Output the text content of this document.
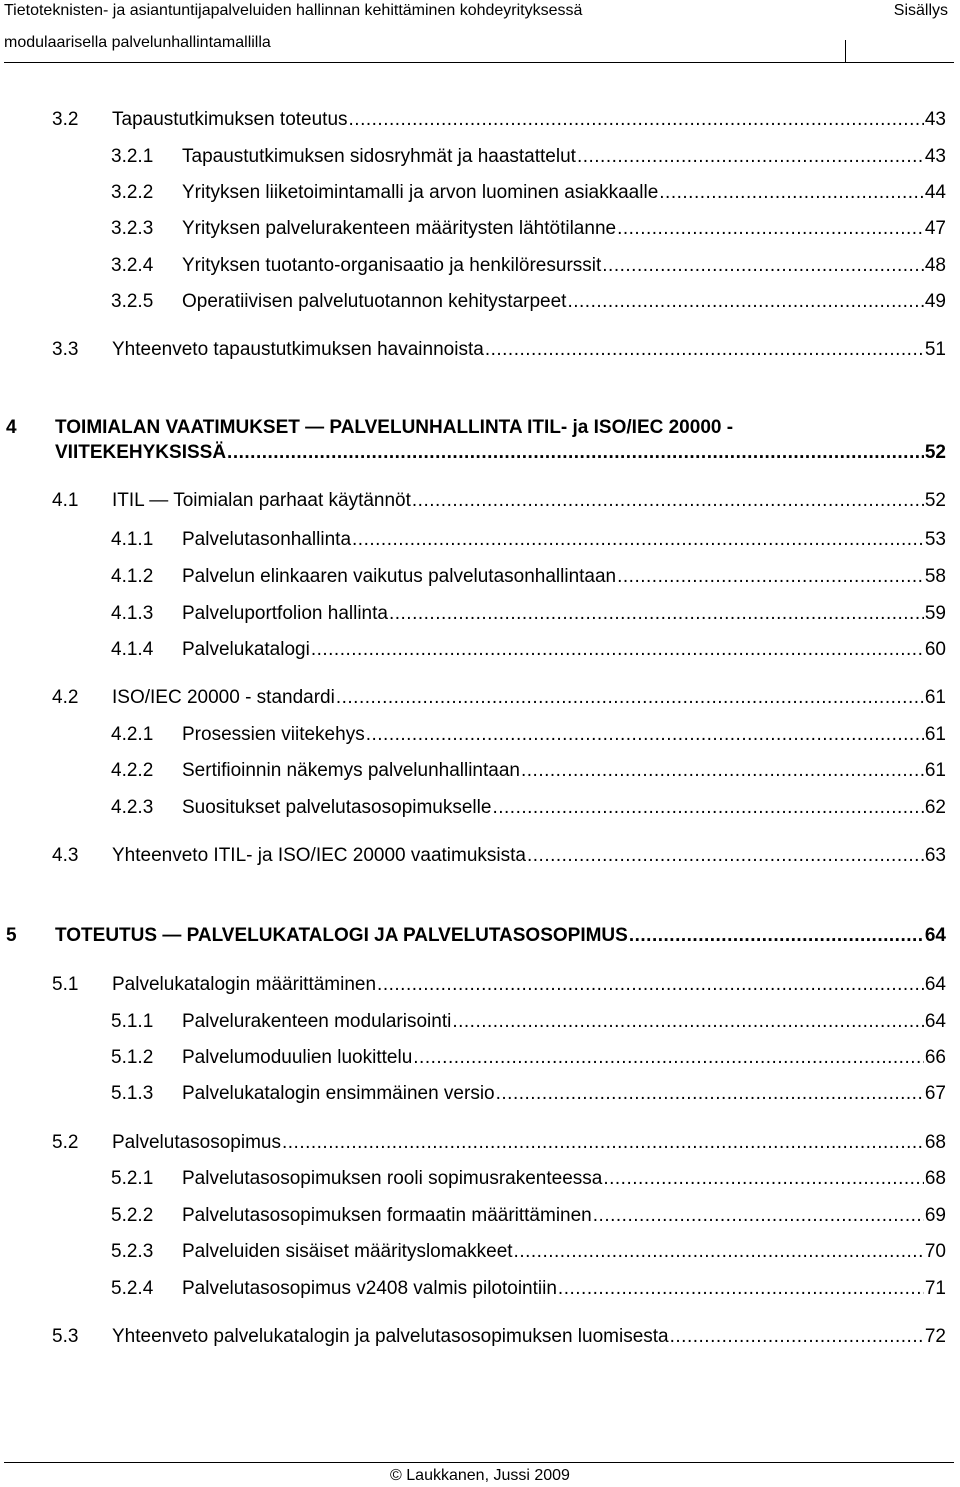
Tietoteknisten- ja asiantuntijapalveluiden hallinnan kehittäminen kohdeyrityksessä
modulaarisella palvelunhallintamallilla
Sisällys
3.2	Tapaustutkimuksen toteutus .....	43
3.2.1	Tapaustutkimuksen sidosryhmät ja haastattelut .....	43
3.2.2	Yrityksen liiketoimintamalli ja arvon luominen asiakkaalle .....	44
3.2.3	Yrityksen palvelurakenteen määritysten lähtötilanne .....	47
3.2.4	Yrityksen tuotanto-organisaatio ja henkilöresurssit .....	48
3.2.5	Operatiivisen palvelutuotannon kehitystarpeet .....	49
3.3	Yhteenveto tapaustutkimuksen havainnoista .....	51
4 TOIMIALAN VAATIMUKSET — PALVELUNHALLINTA ITIL- ja ISO/IEC 20000 -
VIITEKEHYKSISSÄ .....	52
4.1	ITIL — Toimialan parhaat käytännöt .....	52
4.1.1	Palvelutasonhallinta .....	53
4.1.2	Palvelun elinkaaren vaikutus palvelutasonhallintaan .....	58
4.1.3	Palveluportfolion hallinta .....	59
4.1.4	Palvelukatalogi .....	60
4.2	ISO/IEC 20000 - standardi .....	61
4.2.1	Prosessien viitekehys .....	61
4.2.2	Sertifioinnin näkemys palvelunhallintaan .....	61
4.2.3	Suositukset palvelutasosopimukselle .....	62
4.3	Yhteenveto ITIL- ja ISO/IEC 20000 vaatimuksista .....	63
5	TOTEUTUS — PALVELUKATALOGI JA PALVELUTASOSOPIMUS .....	64
5.1	Palvelukatalogin määrittäminen .....	64
5.1.1	Palvelurakenteen modularisointi .....	64
5.1.2	Palvelumoduulien luokittelu .....	66
5.1.3	Palvelukatalogin ensimmäinen versio .....	67
5.2	Palvelutasosopimus .....	68
5.2.1	Palvelutasosopimuksen rooli sopimusrakenteessa .....	68
5.2.2	Palvelutasosopimuksen formaatin määrittäminen .....	69
5.2.3	Palveluiden sisäiset määrityslomakkeet .....	70
5.2.4	Palvelutasosopimus v2408 valmis pilotointiin .....	71
5.3	Yhteenveto palvelukatalogin ja palvelutasosopimuksen luomisesta .....	72
© Laukkanen, Jussi 2009
